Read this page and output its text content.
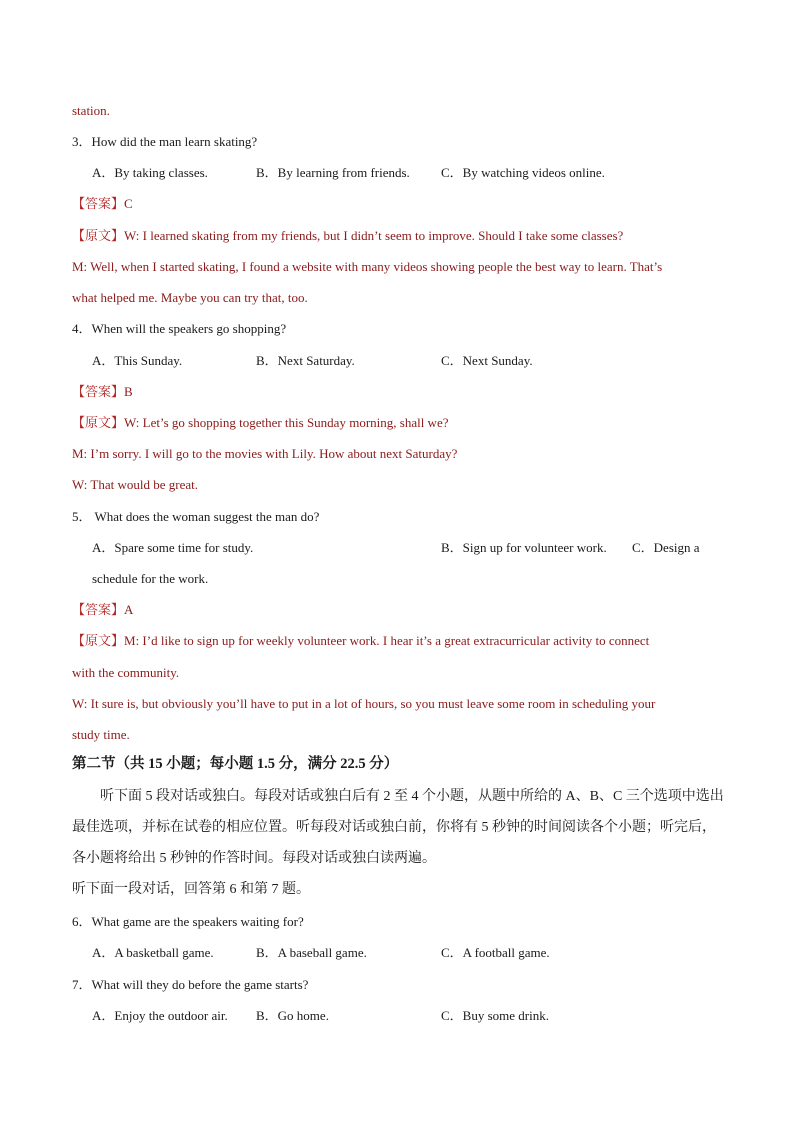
station.
3．How did the man learn skating?
A．By taking classes.	B．By learning from friends. C．By watching videos online.
【答案】C
【原文】W: I learned skating from my friends, but I didn’t seem to improve. Should I take some classes?
M: Well, when I started skating, I found a website with many videos showing people the best way to learn. That’s
what helped me. Maybe you can try that, too.
4．When will the speakers go shopping?
A．This Sunday.	B．Next Saturday.	C．Next Sunday.
【答案】B
【原文】W: Let’s go shopping together this Sunday morning, shall we?
M: I’m sorry. I will go to the movies with Lily. How about next Saturday?
W: That would be great.
5． What does the woman suggest the man do?
A．Spare some time for study.	B．Sign up for volunteer work. C．Design a
schedule for the work.
【答案】A
【原文】M: I’d like to sign up for weekly volunteer work. I hear it’s a great extracurricular activity to connect
with the community.
W: It sure is, but obviously you’ll have to put in a lot of hours, so you must leave some room in scheduling your
study time.
第二节（共 15 小题；每小题 1.5 分，满分 22.5 分）
听下面 5 段对话或独白。每段对话或独白后有 2 至 4 个小题，从题中所给的 A、B、C 三个选项中选出
最佳选项，并标在试卷的相应位置。听每段对话或独白前，你将有 5 秒钟的时间阅读各个小题；听完后，
各小题将给出 5 秒钟的作答时间。每段对话或独白读两遍。
听下面一段对话，回答第 6 和第 7 题。
6．What game are the speakers waiting for?
A．A basketball game.	B．A baseball game.	C．A football game.
7．What will they do before the game starts?
A．Enjoy the outdoor air. B．Go home.	C．Buy some drink.
